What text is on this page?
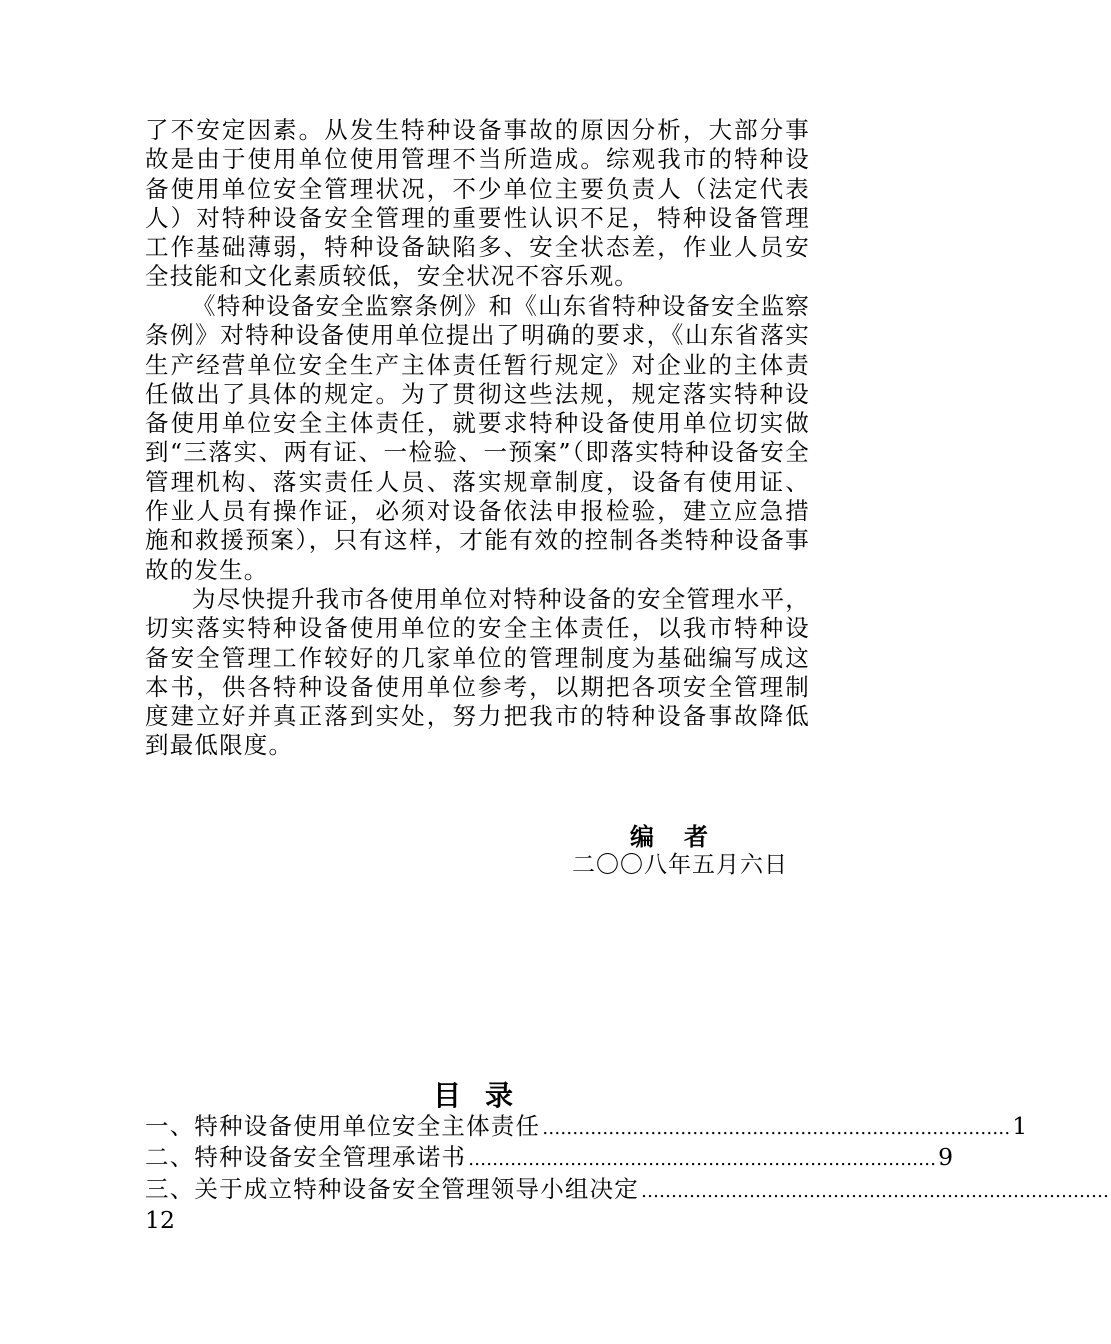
了不安定因素。从发生特种设备事故的原因分析，大部分事故是由于使用单位使用管理不当所造成。综观我市的特种设备使用单位安全管理状况，不少单位主要负责人（法定代表人）对特种设备安全管理的重要性认识不足，特种设备管理工作基础薄弱，特种设备缺陷多、安全状态差，作业人员安全技能和文化素质较低，安全状况不容乐观。

《特种设备安全监察条例》和《山东省特种设备安全监察条例》对特种设备使用单位提出了明确的要求，《山东省落实生产经营单位安全生产主体责任暂行规定》对企业的主体责任做出了具体的规定。为了贯彻这些法规，规定落实特种设备使用单位安全主体责任，就要求特种设备使用单位切实做到“三落实、两有证、一检验、一预案”（即落实特种设备安全管理机构、落实责任人员、落实规章制度，设备有使用证、作业人员有操作证，必须对设备依法申报检验，建立应急措施和救援预案），只有这样，才能有效的控制各类特种设备事故的发生。

为尽快提升我市各使用单位对特种设备的安全管理水平，切实落实特种设备使用单位的安全主体责任，以我市特种设备安全管理工作较好的几家单位的管理制度为基础编写成这本书，供各特种设备使用单位参考，以期把各项安全管理制度建立好并真正落到实处，努力把我市的特种设备事故降低到最低限度。

编者

二〇〇八年五月六日

目录
一、特种设备使用单位安全主体责任 …………………………………………………………………… 1
二、特种设备安全管理承诺书 …………………………………………………………………… 9
三、关于成立特种设备安全管理领导小组决定 ……………………………………………………………………
12
